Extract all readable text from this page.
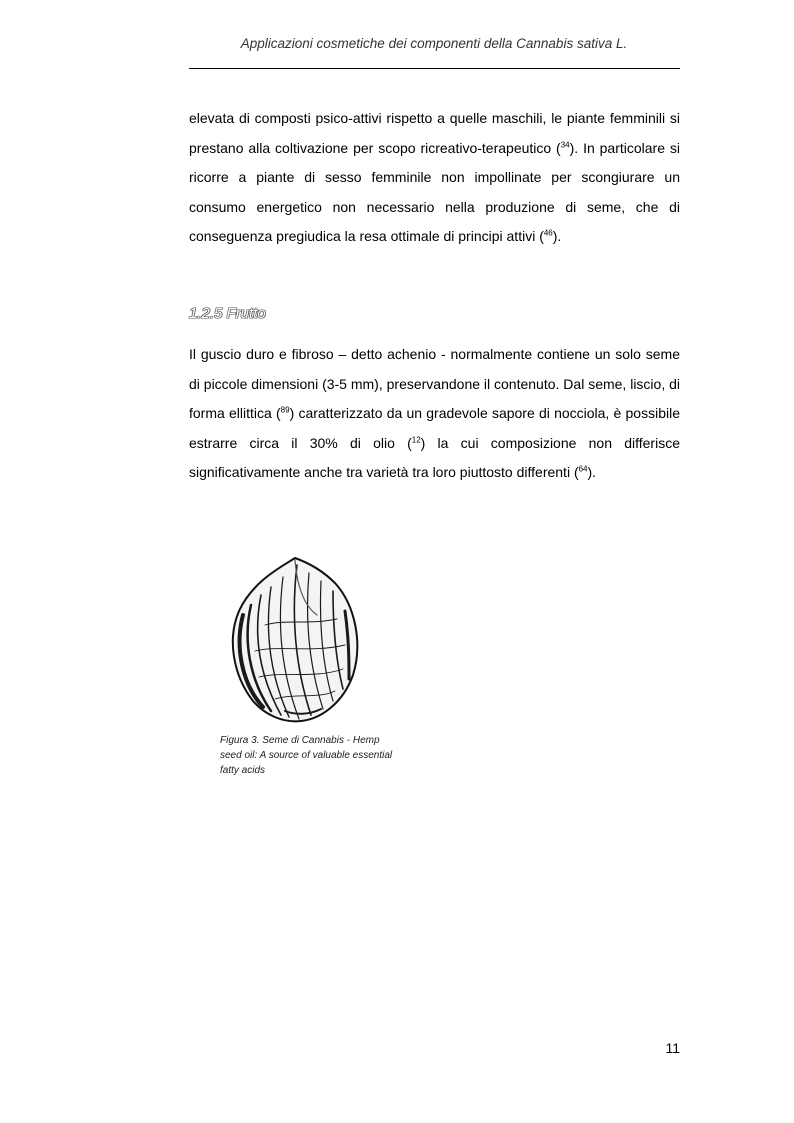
Applicazioni cosmetiche dei componenti della Cannabis sativa L.

elevata di composti psico-attivi rispetto a quelle maschili, le piante femminili si prestano alla coltivazione per scopo ricreativo-terapeutico ($^{34}$). In particolare si ricorre a piante di sesso femminile non impollinate per scongiurare un consumo energetico non necessario nella produzione di seme, che di conseguenza pregiudica la resa ottimale di principi attivi ($^{46}$).

1.2.5 Frutto

Il guscio duro e fibroso – detto achenio - normalmente contiene un solo seme di piccole dimensioni (3-5 mm), preservandone il contenuto. Dal seme, liscio, di forma ellittica ($^{89}$) caratterizzato da un gradevole sapore di nocciola, è possibile estrarre circa il 30% di olio ($^{12}$) la cui composizione non differisce significativamente anche tra varietà tra loro piuttosto differenti ($^{64}$).

Figura 3. Seme di Cannabis - Hemp seed oil: A source of valuable essential fatty acids

11
